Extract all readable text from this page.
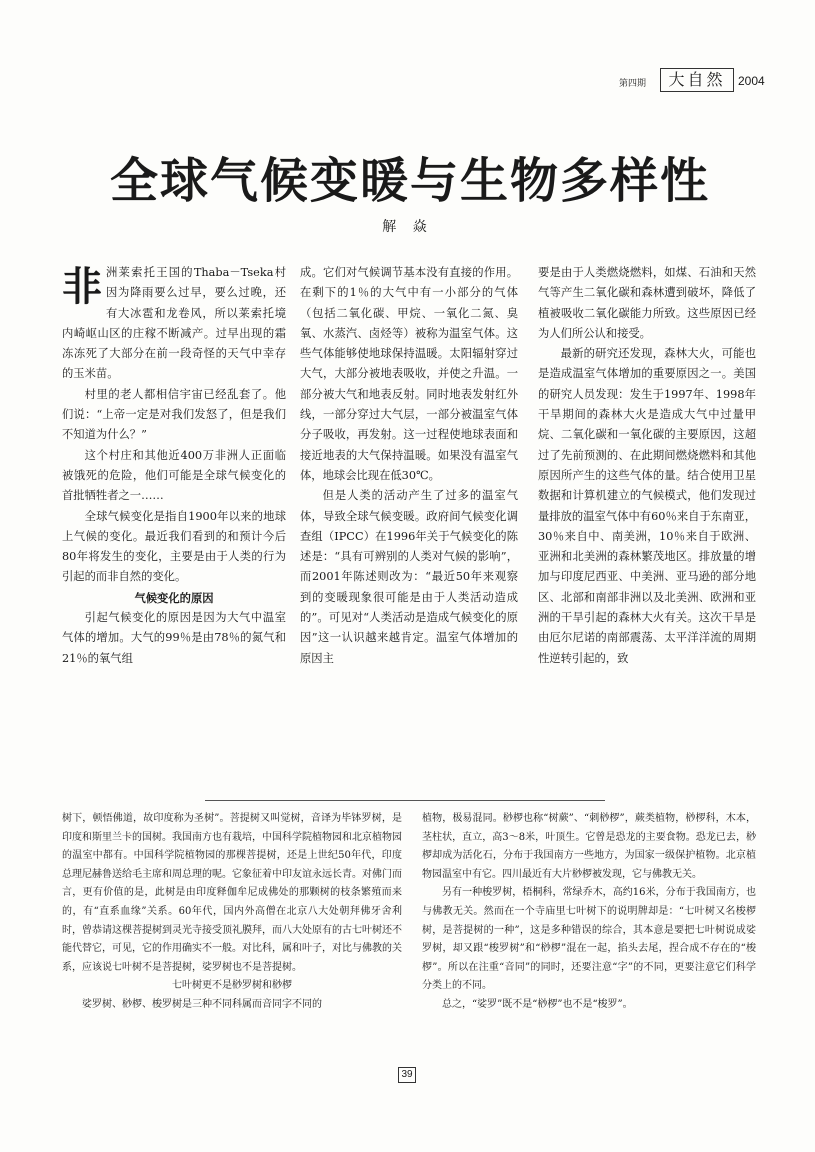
第四期	大自然	2004
全球气候变暖与生物多样性
解 焱

非洲莱索托王国的Thaba－Tseka村因为降雨要么过早，要么过晚，还有大冰雹和龙卷风，所以莱索托境内崎岖山区的庄稼不断减产。过早出现的霜冻冻死了大部分在前一段奇怪的天气中幸存的玉米苗。

村里的老人都相信宇宙已经乱套了。他们说：“上帝一定是对我们发怒了，但是我们不知道为什么？”

这个村庄和其他近400万非洲人正面临被饿死的危险，他们可能是全球气候变化的首批牺牲者之一……

全球气候变化是指自1900年以来的地球上气候的变化。最近我们看到的和预计今后80年将发生的变化，主要是由于人类的行为引起的而非自然的变化。

气候变化的原因

引起气候变化的原因是因为大气中温室气体的增加。大气的99％是由78％的氮气和21％的氧气组

成。它们对气候调节基本没有直接的作用。在剩下的1％的大气中有一小部分的气体（包括二氧化碳、甲烷、一氧化二氮、臭氧、水蒸汽、卤烃等）被称为温室气体。这些气体能够使地球保持温暖。太阳辐射穿过大气，大部分被地表吸收，并使之升温。一部分被大气和地表反射。同时地表发射红外线，一部分穿过大气层，一部分被温室气体分子吸收，再发射。这一过程使地球表面和接近地表的大气保持温暖。如果没有温室气体，地球会比现在低30℃。

但是人类的活动产生了过多的温室气体，导致全球气候变暖。政府间气候变化调查组（IPCC）在1996年关于气候变化的陈述是：“具有可辨别的人类对气候的影响”，而2001年陈述则改为：“最近50年来观察到的变暖现象很可能是由于人类活动造成的”。可见对“人类活动是造成气候变化的原因”这一认识越来越肯定。温室气体增加的原因主

要是由于人类燃烧燃料，如煤、石油和天然气等产生二氧化碳和森林遭到破坏，降低了植被吸收二氧化碳能力所致。这些原因已经为人们所公认和接受。

最新的研究还发现，森林大火，可能也是造成温室气体增加的重要原因之一。美国的研究人员发现：发生于1997年、1998年干旱期间的森林大火是造成大气中过量甲烷、二氧化碳和一氧化碳的主要原因，这超过了先前预测的、在此期间燃烧燃料和其他原因所产生的这些气体的量。结合使用卫星数据和计算机建立的气候模式，他们发现过量排放的温室气体中有60％来自于东南亚，30％来自中、南美洲，10％来自于欧洲、亚洲和北美洲的森林繁茂地区。排放量的增加与印度尼西亚、中美洲、亚马逊的部分地区、北部和南部非洲以及北美洲、欧洲和亚洲的干旱引起的森林大火有关。这次干旱是由厄尔尼诺的南部震荡、太平洋洋流的周期性逆转引起的，致

树下，顿悟佛道，故印度称为圣树”。菩提树又叫觉树，音译为毕钵罗树，是印度和斯里兰卡的国树。我国南方也有栽培，中国科学院植物园和北京植物园的温室中都有。中国科学院植物园的那棵菩提树，还是上世纪50年代，印度总理尼赫鲁送给毛主席和周总理的呢。它象征着中印友谊永远长青。对佛门而言，更有价值的是，此树是由印度释伽牟尼成佛处的那颗树的枝条繁殖而来的，有“直系血缘”关系。60年代，国内外高僧在北京八大处朝拜佛牙舍利时，曾恭请这棵菩提树到灵光寺接受顶礼膜拜，而八大处原有的古七叶树还不能代替它，可见，它的作用确实不一般。对比科，属和叶子，对比与佛教的关系，应该说七叶树不是菩提树，娑罗树也不是菩提树。

七叶树更不是桫罗树和桫椤

娑罗树、桫椤、梭罗树是三种不同科属而音同字不同的

植物，极易混同。桫椤也称“树蕨”、“刺桫椤”，蕨类植物，桫椤科，木本，茎柱状，直立，高3～8米，叶顶生。它曾是恐龙的主要食物。恐龙已去，桫椤却成为活化石，分布于我国南方一些地方，为国家一级保护植物。北京植物园温室中有它。四川最近有大片桫椤被发现，它与佛教无关。

另有一种梭罗树，梧桐科，常绿乔木，高约16米，分布于我国南方，也与佛教无关。然而在一个寺庙里七叶树下的说明牌却是：“七叶树又名梭椤树，是菩提树的一种”，这是多种错误的综合，其本意是要把七叶树说成娑罗树，却又跟“梭罗树”和“桫椤”混在一起，掐头去尾，捏合成不存在的“梭椤”。所以在注重“音同”的同时，还要注意“字”的不同，更要注意它们科学分类上的不同。

总之，“娑罗”既不是“桫椤”也不是“梭罗”。

39
